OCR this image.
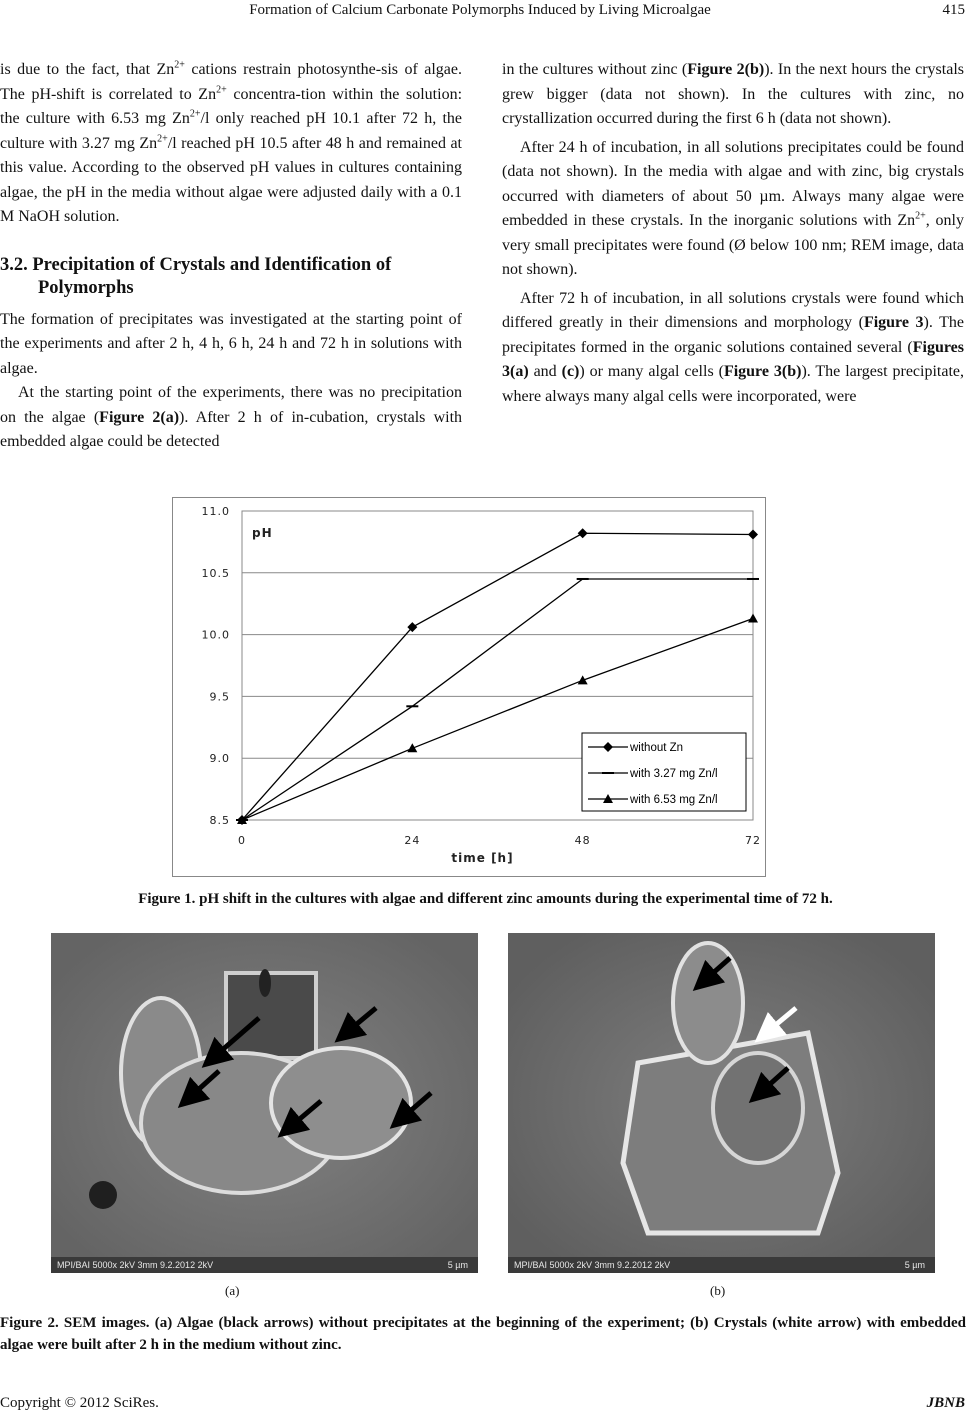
Formation of Calcium Carbonate Polymorphs Induced by Living Microalgae	415

is due to the fact, that $Zn^{2+}$ cations restrain photosynthe-sis of algae. The pH-shift is correlated to $Zn^{2+}$ concentra-tion within the solution: the culture with 6.53 mg $Zn^{2+}/l$ only reached pH 10.1 after 72 h, the culture with 3.27 mg $Zn^{2+}/l$ reached pH 10.5 after 48 h and remained at this value. According to the observed pH values in cultures containing algae, the pH in the media without algae were adjusted daily with a 0.1 M NaOH solution.

3.2. Precipitation of Crystals and Identification of Polymorphs

The formation of precipitates was investigated at the starting point of the experiments and after 2 h, 4 h, 6 h, 24 h and 72 h in solutions with algae.

At the starting point of the experiments, there was no precipitation on the algae (Figure 2(a)). After 2 h of in-cubation, crystals with embedded algae could be detected

in the cultures without zinc (Figure 2(b)). In the next hours the crystals grew bigger (data not shown). In the cultures with zinc, no crystallization occurred during the first 6 h (data not shown).

After 24 h of incubation, in all solutions precipitates could be found (data not shown). In the media with algae and with zinc, big crystals occurred with diameters of about 50 µm. Always many algae were embedded in these crystals. In the inorganic solutions with $Zn^{2+}$, only very small precipitates were found (Ø below 100 nm; REM image, data not shown).

After 72 h of incubation, in all solutions crystals were found which differed greatly in their dimensions and morphology (Figure 3). The precipitates formed in the organic solutions contained several (Figures 3(a) and (c)) or many algal cells (Figure 3(b)). The largest precipitate, where always many algal cells were incorporated, were

8.5
9.0
9.5
10.0
10.5
11.0
0	24	48	72
pH
time [h]
without Zn
with 3.27 mg Zn/l
with 6.53 mg Zn/l
Figure 1. pH shift in the cultures with algae and different zinc amounts during the experimental time of 72 h.
MPI/BAI 5000x 2kV 3mm 9.2.2012 2kV	5 µm	MPI/BAI 5000x 2kV 3mm 9.2.2012 2kV	5 µm
(a)	(b)
Figure 2. SEM images. (a) Algae (black arrows) without precipitates at the beginning of the experiment; (b) Crystals (white arrow) with embedded algae were built after 2 h in the medium without zinc.
Copyright © 2012 SciRes.	JBNB
